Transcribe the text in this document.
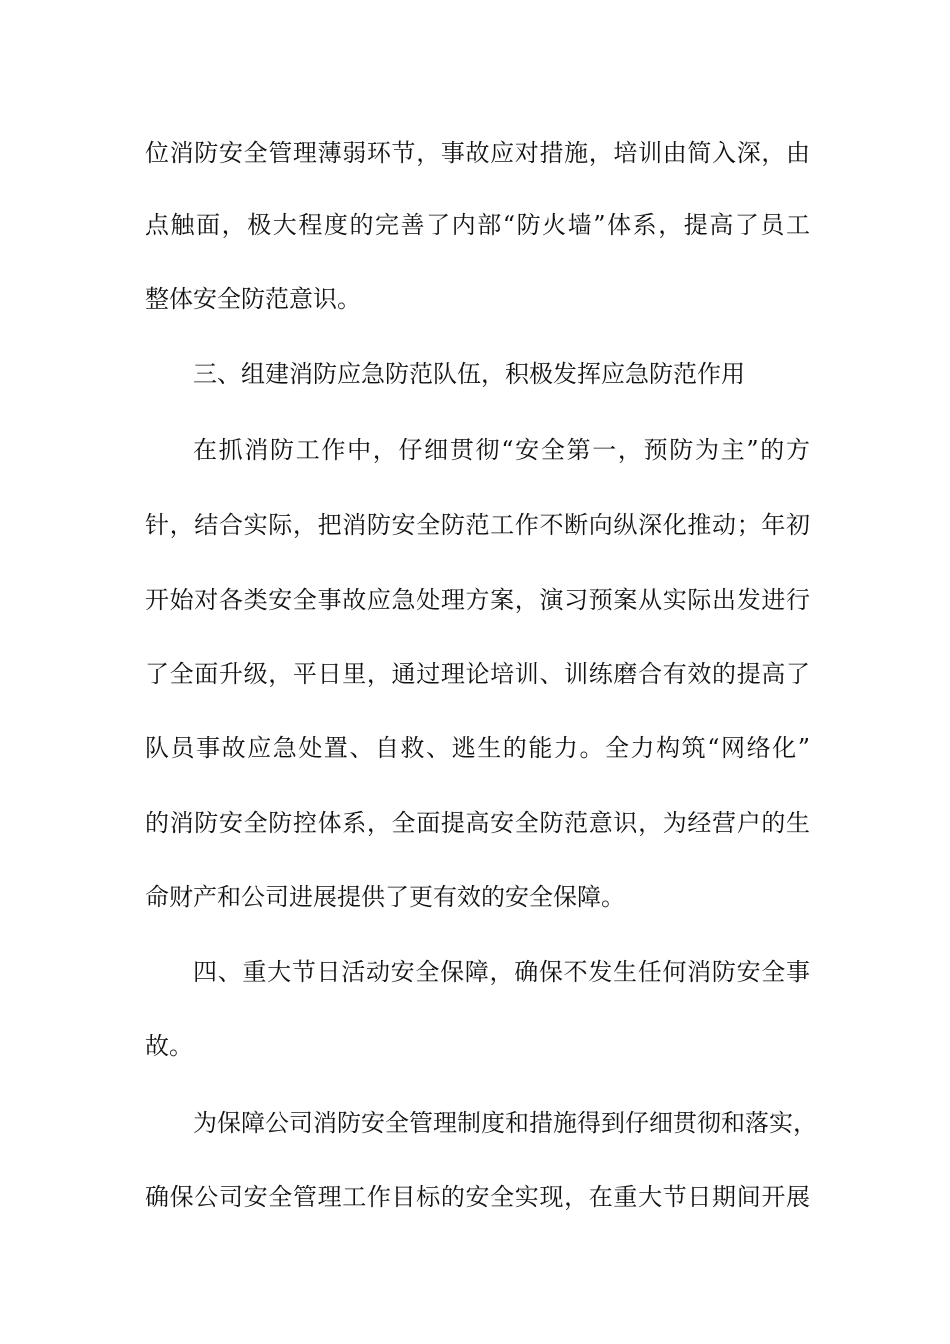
位消防安全管理薄弱环节，事故应对措施，培训由简入深，由
点触面，极大程度的完善了内部“防火墙”体系，提高了员工
整体安全防范意识。
三、组建消防应急防范队伍，积极发挥应急防范作用
在抓消防工作中，仔细贯彻“安全第一，预防为主”的方
针，结合实际，把消防安全防范工作不断向纵深化推动；年初
开始对各类安全事故应急处理方案，演习预案从实际出发进行
了全面升级，平日里，通过理论培训、训练磨合有效的提高了
队员事故应急处置、自救、逃生的能力。全力构筑“网络化”
的消防安全防控体系，全面提高安全防范意识，为经营户的生
命财产和公司进展提供了更有效的安全保障。
四、重大节日活动安全保障，确保不发生任何消防安全事
故。
为保障公司消防安全管理制度和措施得到仔细贯彻和落实，
确保公司安全管理工作目标的安全实现，在重大节日期间开展
